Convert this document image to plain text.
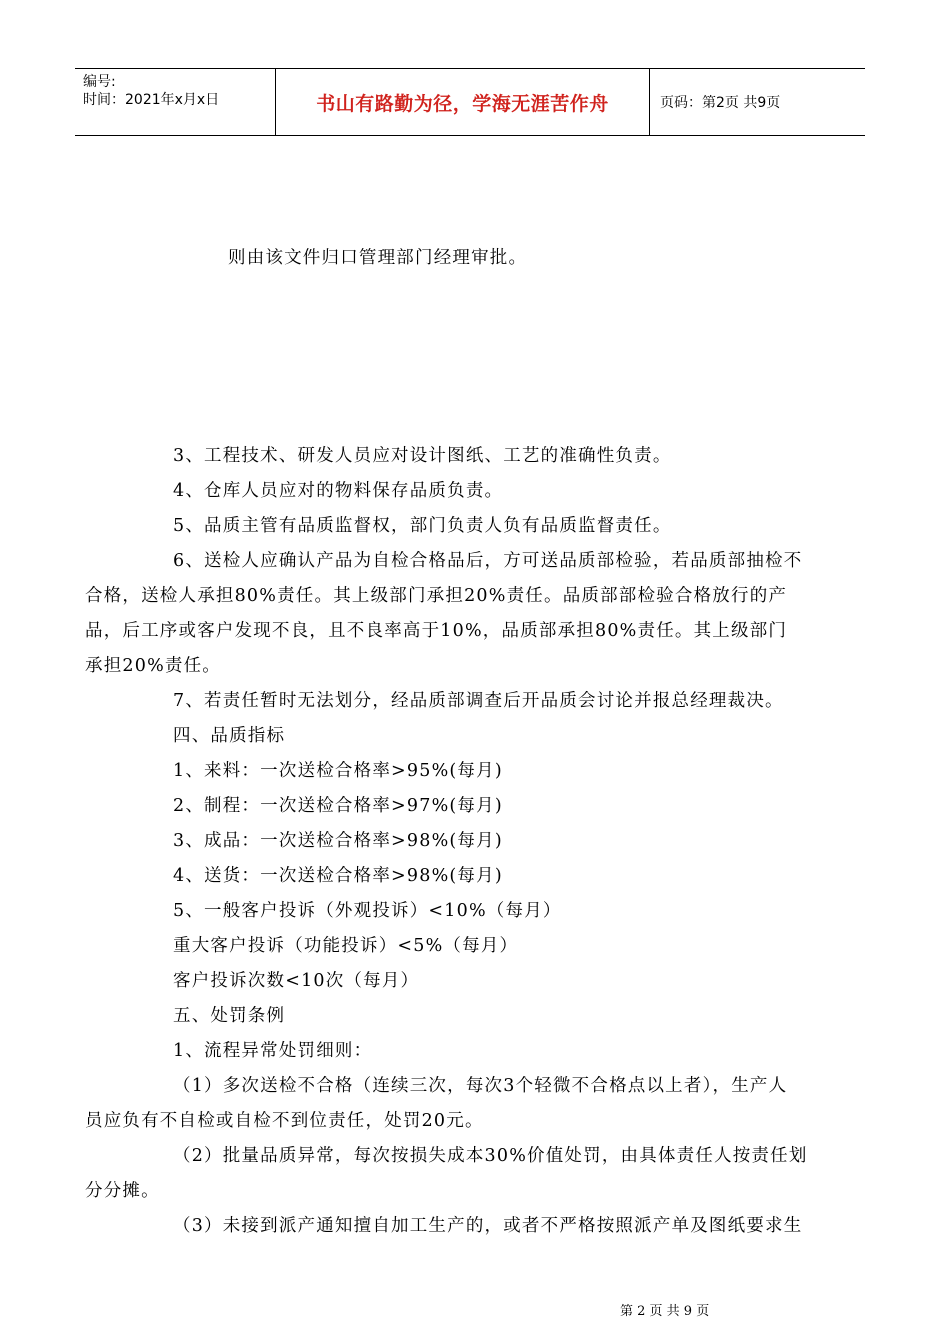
编号:
时间：2021年x月x日	书山有路勤为径，学海无涯苦作舟	页码：第2页 共9页
则由该文件归口管理部门经理审批。
3、工程技术、研发人员应对设计图纸、工艺的准确性负责。
4、仓库人员应对的物料保存品质负责。
5、品质主管有品质监督权，部门负责人负有品质监督责任。
6、送检人应确认产品为自检合格品后，方可送品质部检验，若品质部抽检不
合格，送检人承担80%责任。其上级部门承担20%责任。品质部部检验合格放行的产
品，后工序或客户发现不良，且不良率高于10%，品质部承担80%责任。其上级部门
承担20%责任。
7、若责任暂时无法划分，经品质部调查后开品质会讨论并报总经理裁决。
四、品质指标
1、来料：一次送检合格率>95%(每月)
2、制程：一次送检合格率>97%(每月)
3、成品：一次送检合格率>98%(每月)
4、送货：一次送检合格率>98%(每月)
5、一般客户投诉（外观投诉）<10%（每月）
重大客户投诉（功能投诉）<5%（每月）
客户投诉次数<10次（每月）
五、处罚条例
1、流程异常处罚细则：
（1）多次送检不合格（连续三次，每次3个轻微不合格点以上者），生产人
员应负有不自检或自检不到位责任，处罚20元。
（2）批量品质异常，每次按损失成本30%价值处罚，由具体责任人按责任划
分分摊。
（3）未接到派产通知擅自加工生产的，或者不严格按照派产单及图纸要求生
第 2 页 共 9 页
